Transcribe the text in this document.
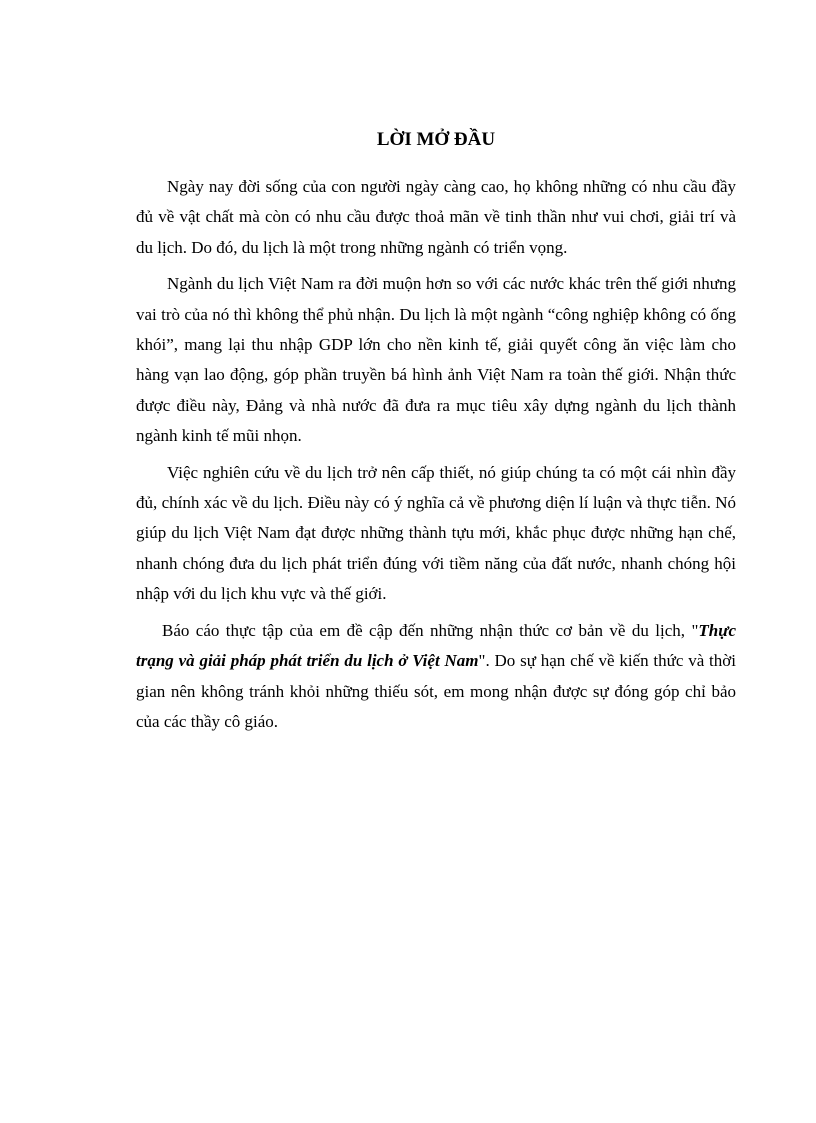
LỜI MỞ ĐẦU

Ngày nay đời sống của con người ngày càng cao, họ không những có nhu cầu đầy đủ về vật chất mà còn có nhu cầu được thoả mãn về tinh thần như vui chơi, giải trí và du lịch. Do đó, du lịch là một trong những ngành có triển vọng.

Ngành du lịch Việt Nam ra đời muộn hơn so với các nước khác trên thế giới nhưng vai trò của nó thì không thể phủ nhận. Du lịch là một ngành “công nghiệp không có ống khói”, mang lại thu nhập GDP lớn cho nền kinh tế, giải quyết công ăn việc làm cho hàng vạn lao động, góp phần truyền bá hình ảnh Việt Nam ra toàn thế giới. Nhận thức được điều này, Đảng và nhà nước đã đưa ra mục tiêu xây dựng ngành du lịch thành ngành kinh tế mũi nhọn.

Việc nghiên cứu về du lịch trở nên cấp thiết, nó giúp chúng ta có một cái nhìn đầy đủ, chính xác về du lịch. Điều này có ý nghĩa cả về phương diện lí luận và thực tiễn. Nó giúp du lịch Việt Nam đạt được những thành tựu mới, khắc phục được những hạn chế, nhanh chóng đưa du lịch phát triển đúng với tiềm năng của đất nước, nhanh chóng hội nhập với du lịch khu vực và thế giới.

Báo cáo thực tập của em đề cập đến những nhận thức cơ bản về du lịch, "Thực trạng và giải pháp phát triển du lịch ở Việt Nam". Do sự hạn chế về kiến thức và thời gian nên không tránh khỏi những thiếu sót, em mong nhận được sự đóng góp chỉ bảo của các thầy cô giáo.
